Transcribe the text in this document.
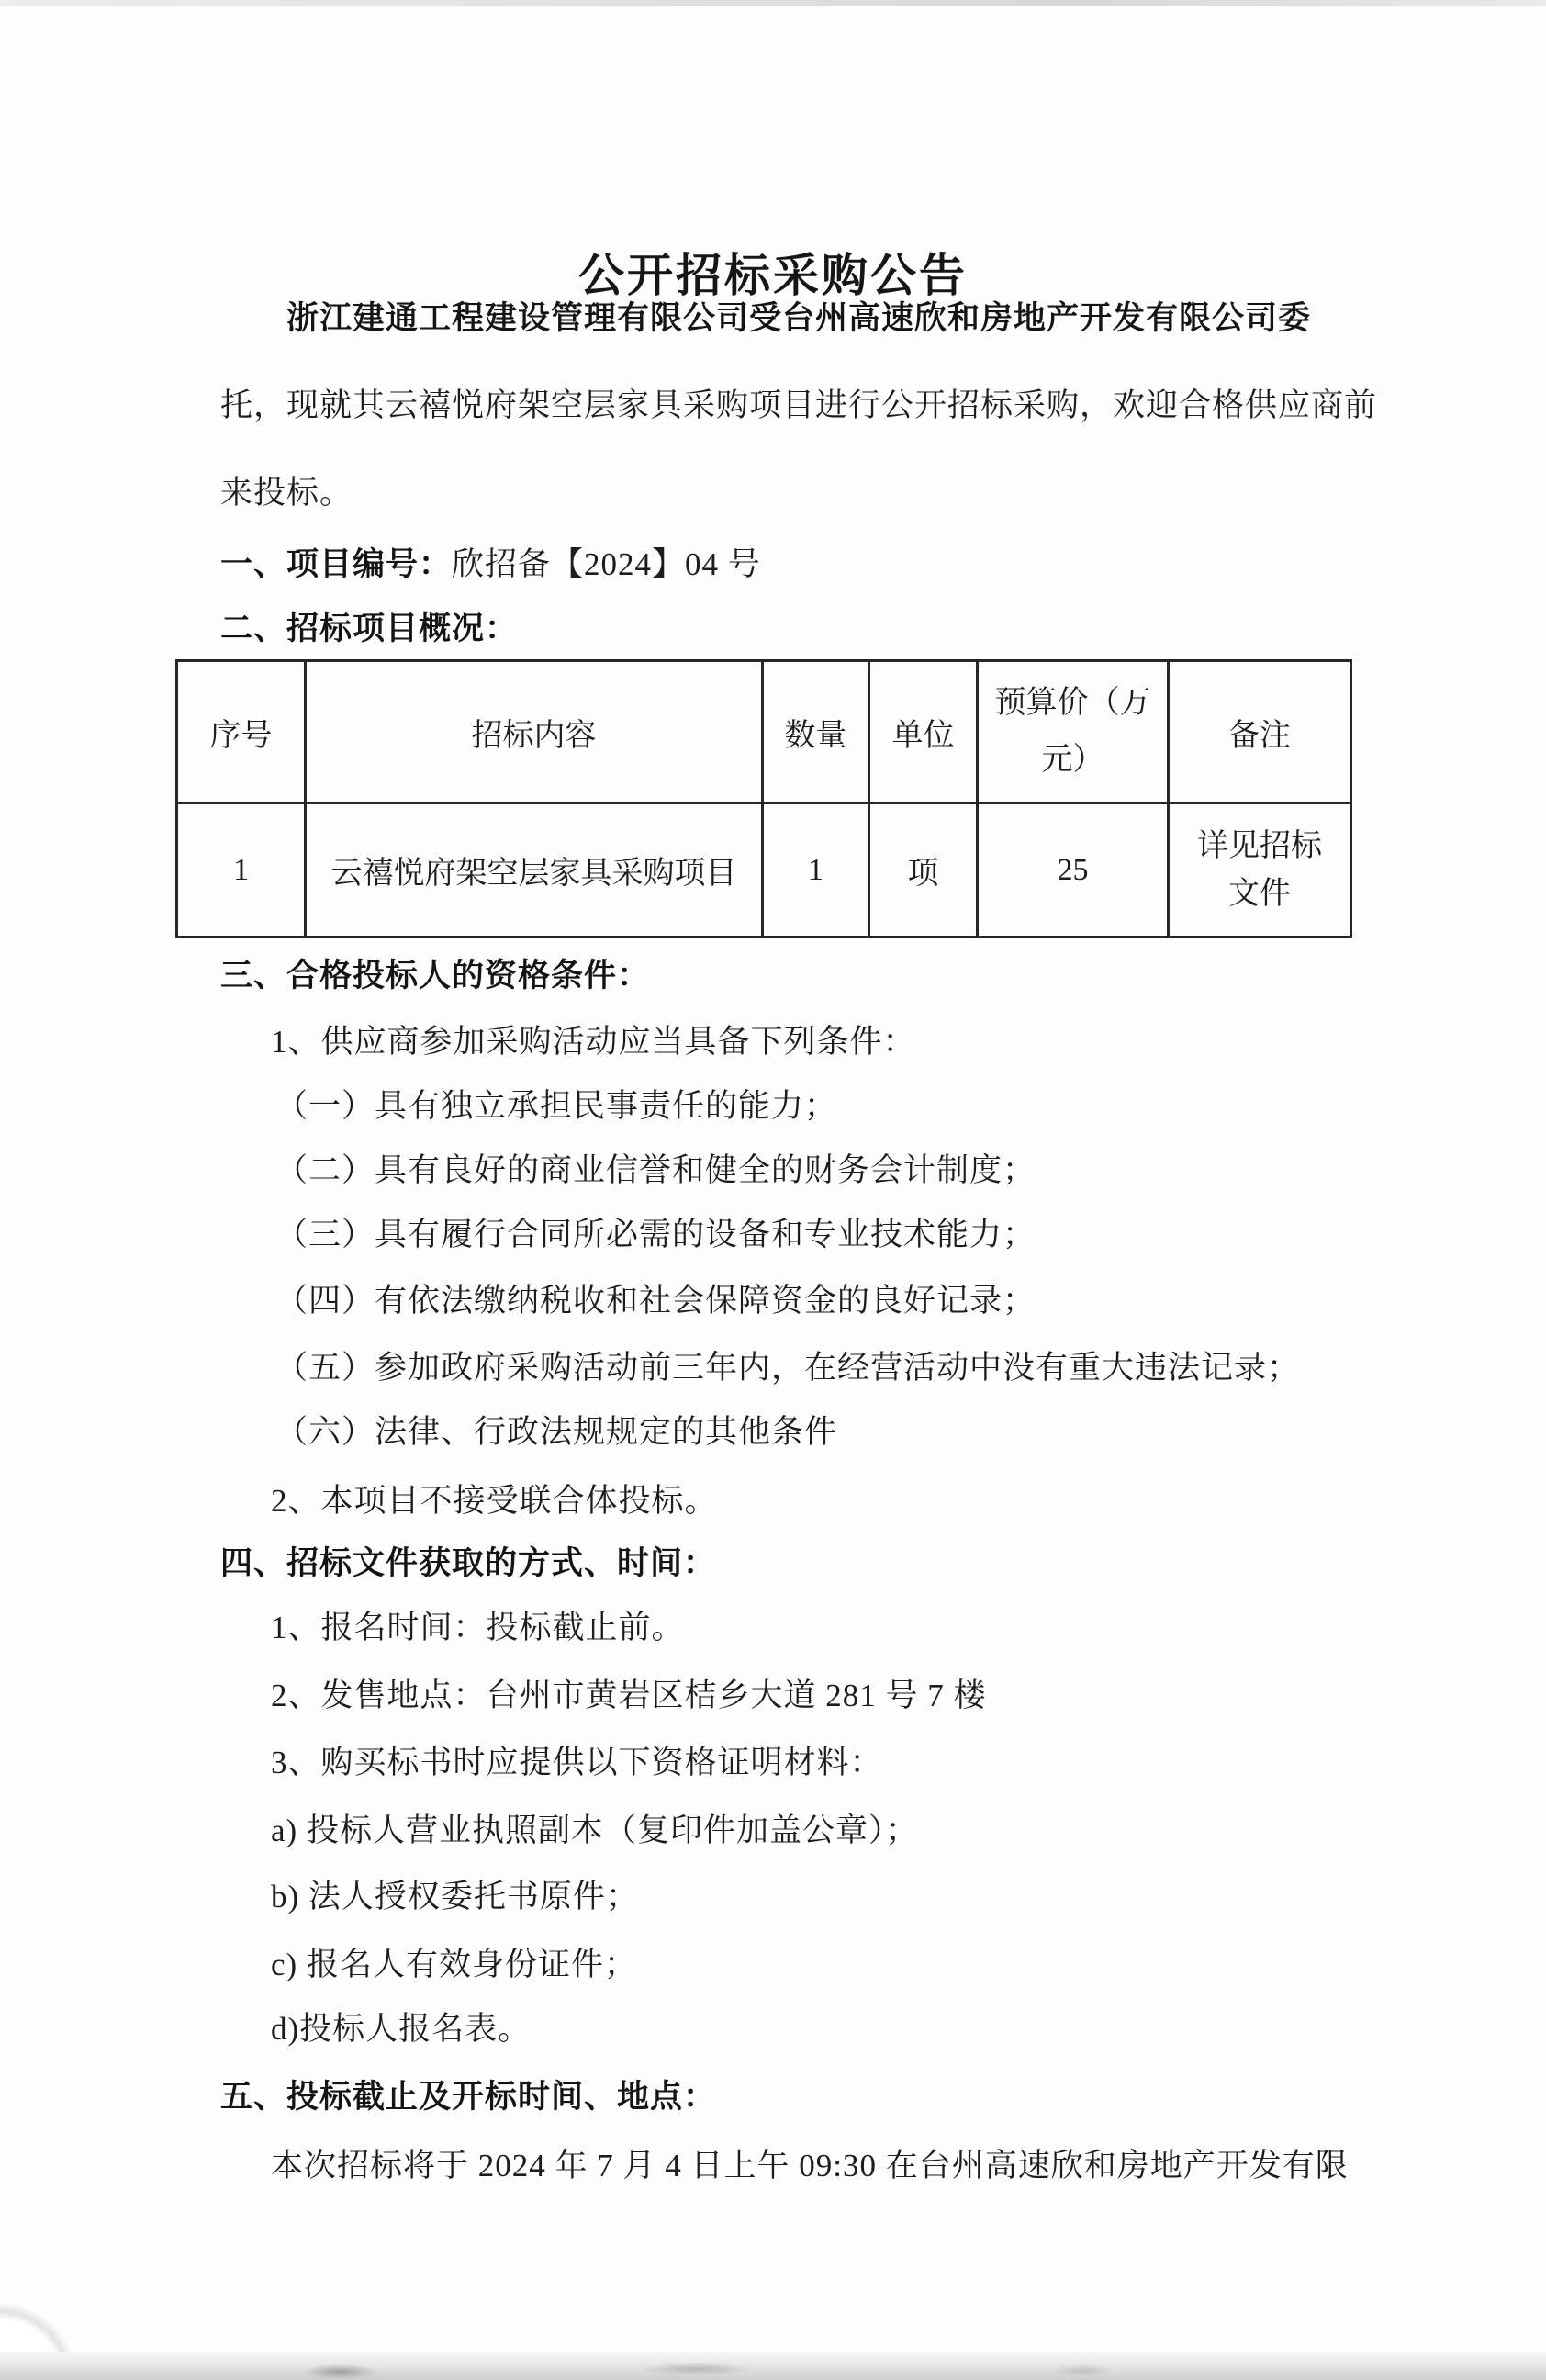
公开招标采购公告
浙江建通工程建设管理有限公司受台州高速欣和房地产开发有限公司委
托，现就其云禧悦府架空层家具采购项目进行公开招标采购，欢迎合格供应商前
来投标。
一、项目编号：欣招备【2024】04 号
二、招标项目概况：
三、合格投标人的资格条件：
1、供应商参加采购活动应当具备下列条件：
（一）具有独立承担民事责任的能力；
（二）具有良好的商业信誉和健全的财务会计制度；
（三）具有履行合同所必需的设备和专业技术能力；
（四）有依法缴纳税收和社会保障资金的良好记录；
（五）参加政府采购活动前三年内，在经营活动中没有重大违法记录；
（六）法律、行政法规规定的其他条件
2、本项目不接受联合体投标。
四、招标文件获取的方式、时间：
1、报名时间：投标截止前。
2、发售地点：台州市黄岩区桔乡大道 281 号 7 楼
3、购买标书时应提供以下资格证明材料：
a) 投标人营业执照副本（复印件加盖公章）；
b) 法人授权委托书原件；
c) 报名人有效身份证件；
d)投标人报名表。
五、投标截止及开标时间、地点：
本次招标将于 2024 年 7 月 4 日上午 09:30 在台州高速欣和房地产开发有限
序号	招标内容	数量	单位	预算价（万元）	备注
1	云禧悦府架空层家具采购项目	1	项	25	详见招标文件
